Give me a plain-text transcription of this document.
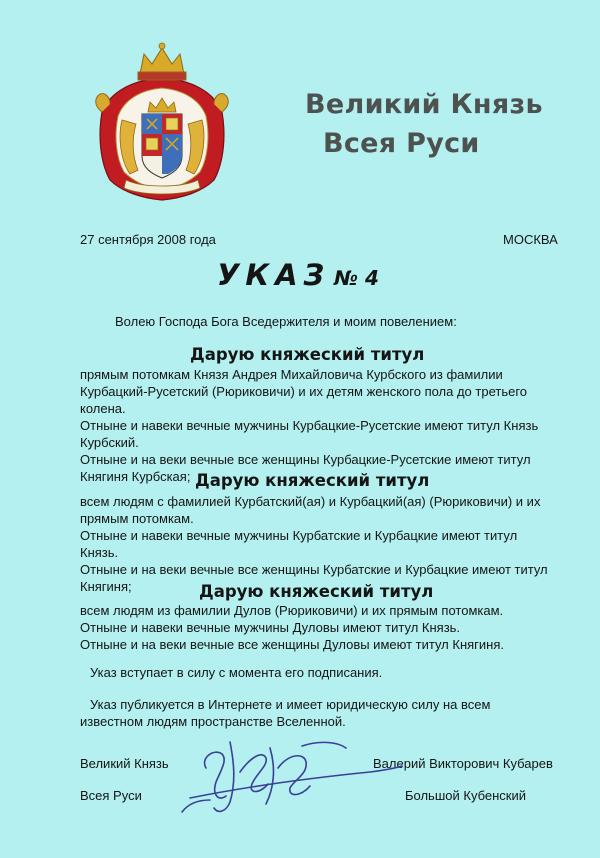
Великий Князь
Всея Руси
27 сентября 2008 года	МОСКВА
УКАЗ № 4
Волею Господа Бога Вседержителя и моим повелением:
Дарую княжеский титул

прямым потомкам Князя Андрея Михайловича Курбского из фамилии Курбацкий-Русетский (Рюриковичи) и их детям женского пола до третьего колена.

Отныне и навеки вечные мужчины Курбацкие-Русетские имеют титул Князь Курбский.

Отныне и на веки вечные все женщины Курбацкие-Русетские имеют титул Княгиня Курбская; Дарую княжеский титул

всем людям с фамилией Курбатский(ая) и Курбацкий(ая) (Рюриковичи) и их прямым потомкам.

Отныне и навеки вечные мужчины Курбатские и Курбацкие имеют титул Князь.

Отныне и на веки вечные все женщины Курбатские и Курбацкие имеют титул Княгиня;	Дарую княжеский титул

всем людям из фамилии Дулов (Рюриковичи) и их прямым потомкам.

Отныне и навеки вечные мужчины Дуловы имеют титул Князь.

Отныне и на веки вечные все женщины Дуловы имеют титул Княгиня.

Указ вступает в силу с момента его подписания.
Указ публикуется в Интернете и имеет юридическую силу на всем известном людям пространстве Вселенной.
Великий Князь
Всея Руси
Валерий Викторович Кубарев
Большой Кубенский
